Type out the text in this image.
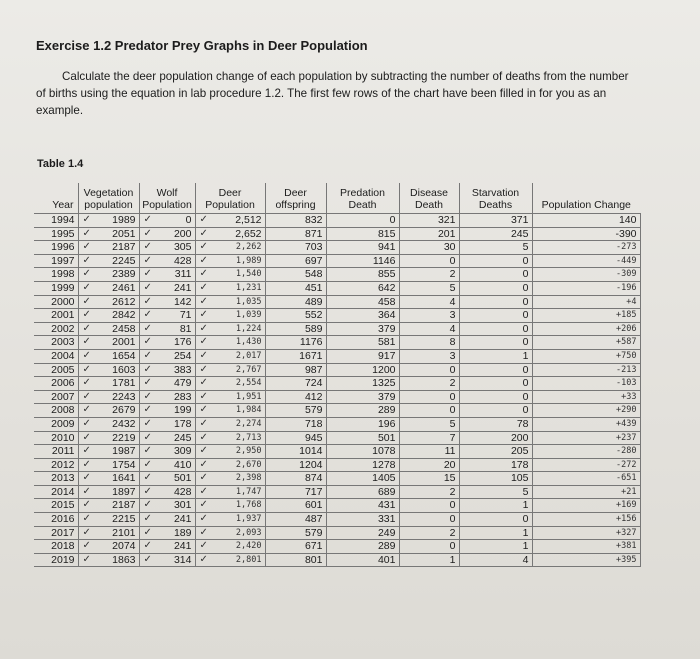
Exercise 1.2 Predator Prey Graphs in Deer Population
Calculate the deer population change of each population by subtracting the number of deaths from the number of births using the equation in lab procedure 1.2. The first few rows of the chart have been filled in for you as an example.
Table 1.4
Year	Vegetation population	Wolf Population	Deer Population	Deer offspring	Predation Death	Disease Death	Starvation Deaths	Population Change
1994	✓ 1989	✓ 0	✓ 2,512	832	0	321	371	140
1995	✓ 2051	✓ 200	✓ 2,652	871	815	201	245	-390
1996	✓ 2187	✓ 305	✓ 2,262	703	941	30	5	-273
1997	✓ 2245	✓ 428	✓ 1,989	697	1146	0	0	-449
1998	✓ 2389	✓ 311	✓ 1,540	548	855	2	0	-309
1999	✓ 2461	✓ 241	✓ 1,231	451	642	5	0	-196
2000	✓ 2612	✓ 142	✓ 1,035	489	458	4	0	+4
2001	✓ 2842	✓ 71	✓ 1,039	552	364	3	0	+185
2002	✓ 2458	✓ 81	✓ 1,224	589	379	4	0	+206
2003	✓ 2001	✓ 176	✓ 1,430	1176	581	8	0	+587
2004	✓ 1654	✓ 254	✓ 2,017	1671	917	3	1	+750
2005	✓ 1603	✓ 383	✓ 2,767	987	1200	0	0	-213
2006	✓ 1781	✓ 479	✓ 2,554	724	1325	2	0	-103
2007	✓ 2243	✓ 283	✓ 1,951	412	379	0	0	+33
2008	✓ 2679	✓ 199	✓ 1,984	579	289	0	0	+290
2009	✓ 2432	✓ 178	✓ 2,274	718	196	5	78	+439
2010	✓ 2219	✓ 245	✓ 2,713	945	501	7	200	+237
2011	✓ 1987	✓ 309	✓ 2,950	1014	1078	11	205	-280
2012	✓ 1754	✓ 410	✓ 2,670	1204	1278	20	178	-272
2013	✓ 1641	✓ 501	✓ 2,398	874	1405	15	105	-651
2014	✓ 1897	✓ 428	✓ 1,747	717	689	2	5	+21
2015	✓ 2187	✓ 301	✓ 1,768	601	431	0	1	+169
2016	✓ 2215	✓ 241	✓ 1,937	487	331	0	0	+156
2017	✓ 2101	✓ 189	✓ 2,093	579	249	2	1	+327
2018	✓ 2074	✓ 241	✓ 2,420	671	289	0	1	+381
2019	✓ 1863	✓ 314	✓ 2,801	801	401	1	4	+395
